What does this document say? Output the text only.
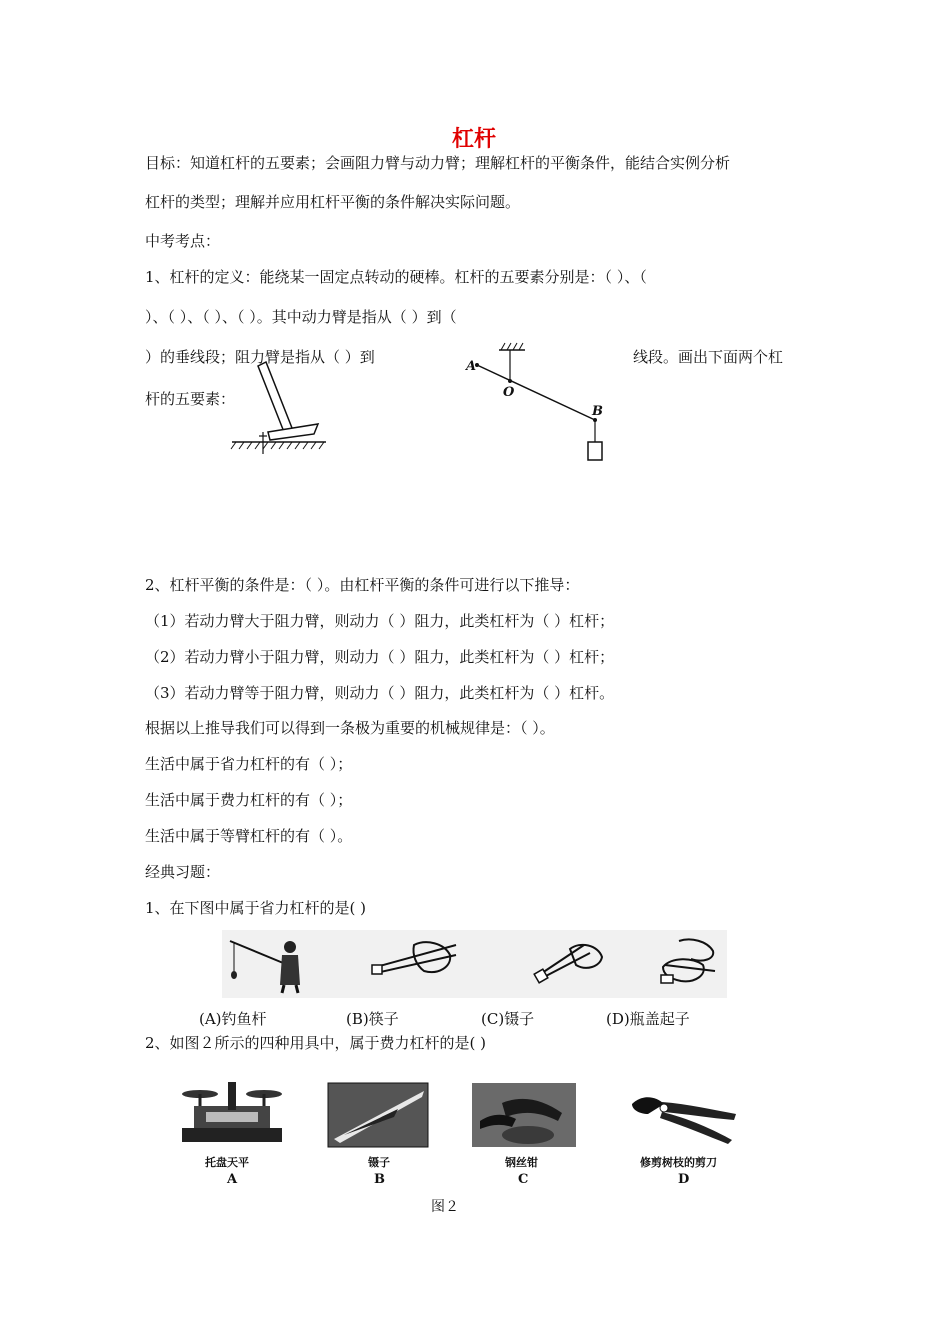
杠杆
目标：知道杠杆的五要素；会画阻力臂与动力臂；理解杠杆的平衡条件，能结合实例分析
杠杆的类型；理解并应用杠杆平衡的条件解决实际问题。
中考考点：
1、杠杆的定义：能绕某一固定点转动的硬棒。杠杆的五要素分别是：（ ）、（
）、（ ）、（ ）、（ ）。其中动力臂是指从（ ）到（
）的垂线段；阻力臂是指从（ ）到	线段。画出下面两个杠
杆的五要素：
A
O
B
2、杠杆平衡的条件是：（ ）。由杠杆平衡的条件可进行以下推导：
（1）若动力臂大于阻力臂，则动力（ ）阻力，此类杠杆为（ ）杠杆；
（2）若动力臂小于阻力臂，则动力（ ）阻力，此类杠杆为（ ）杠杆；
（3）若动力臂等于阻力臂，则动力（ ）阻力，此类杠杆为（ ）杠杆。
根据以上推导我们可以得到一条极为重要的机械规律是：（ ）。
生活中属于省力杠杆的有（ ）；
生活中属于费力杠杆的有（ ）；
生活中属于等臂杠杆的有（ ）。
经典习题：
1、在下图中属于省力杠杆的是( )
(A)钓鱼杆	(B)筷子	(C)镊子	(D)瓶盖起子
2、如图２所示的四种用具中，属于费力杠杆的是( )
托盘天平	镊子	钢丝钳	修剪树枝的剪刀
A	B	C	D
图２
